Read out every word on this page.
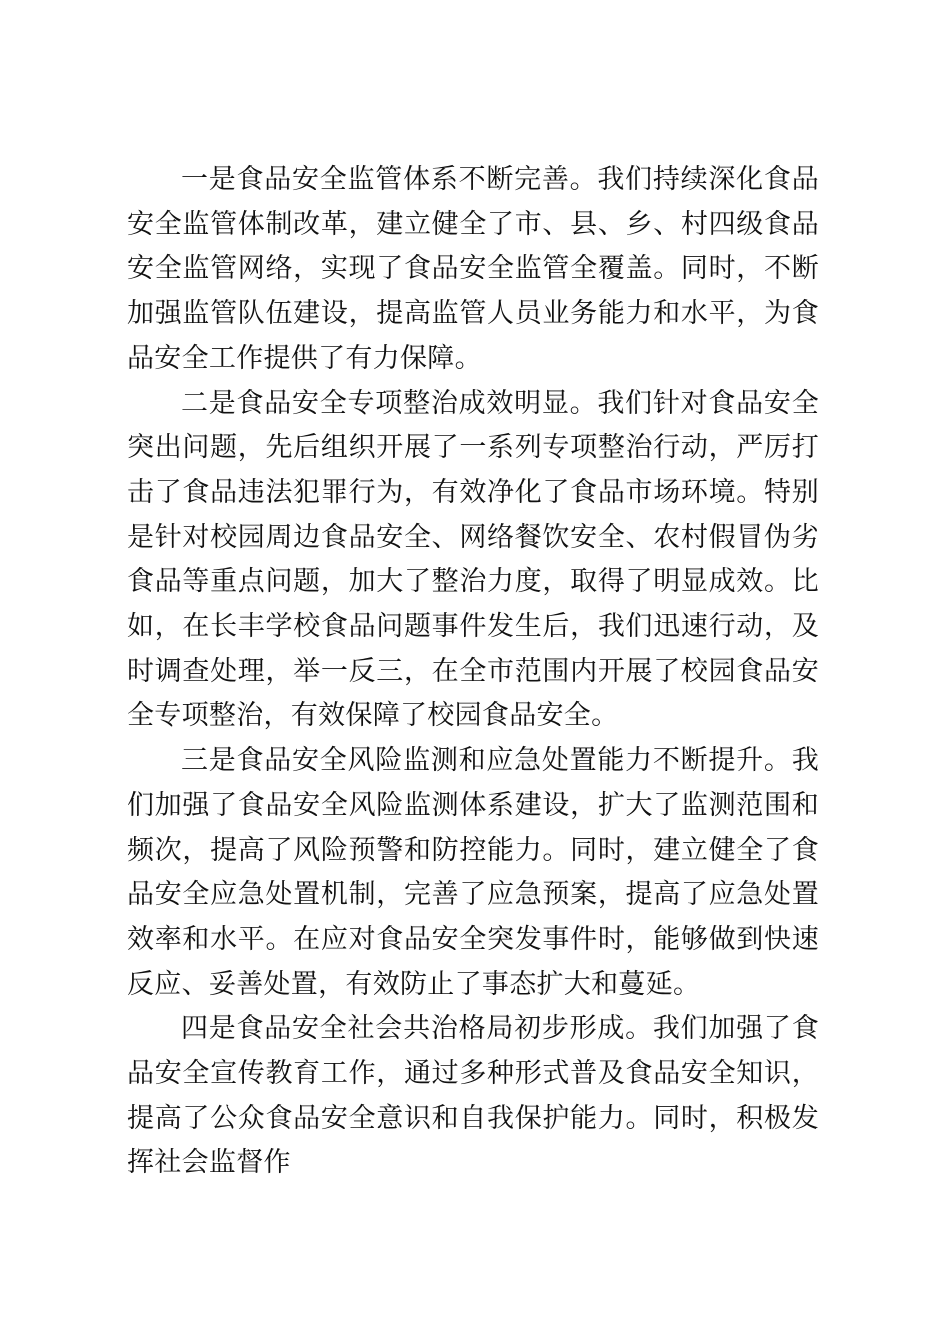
一是食品安全监管体系不断完善。我们持续深化食品安全监管体制改革，建立健全了市、县、乡、村四级食品安全监管网络，实现了食品安全监管全覆盖。同时，不断加强监管队伍建设，提高监管人员业务能力和水平，为食品安全工作提供了有力保障。

二是食品安全专项整治成效明显。我们针对食品安全突出问题，先后组织开展了一系列专项整治行动，严厉打击了食品违法犯罪行为，有效净化了食品市场环境。特别是针对校园周边食品安全、网络餐饮安全、农村假冒伪劣食品等重点问题，加大了整治力度，取得了明显成效。比如，在长丰学校食品问题事件发生后，我们迅速行动，及时调查处理，举一反三，在全市范围内开展了校园食品安全专项整治，有效保障了校园食品安全。

三是食品安全风险监测和应急处置能力不断提升。我们加强了食品安全风险监测体系建设，扩大了监测范围和频次，提高了风险预警和防控能力。同时，建立健全了食品安全应急处置机制，完善了应急预案，提高了应急处置效率和水平。在应对食品安全突发事件时，能够做到快速反应、妥善处置，有效防止了事态扩大和蔓延。

四是食品安全社会共治格局初步形成。我们加强了食品安全宣传教育工作，通过多种形式普及食品安全知识，提高了公众食品安全意识和自我保护能力。同时，积极发挥社会监督作
